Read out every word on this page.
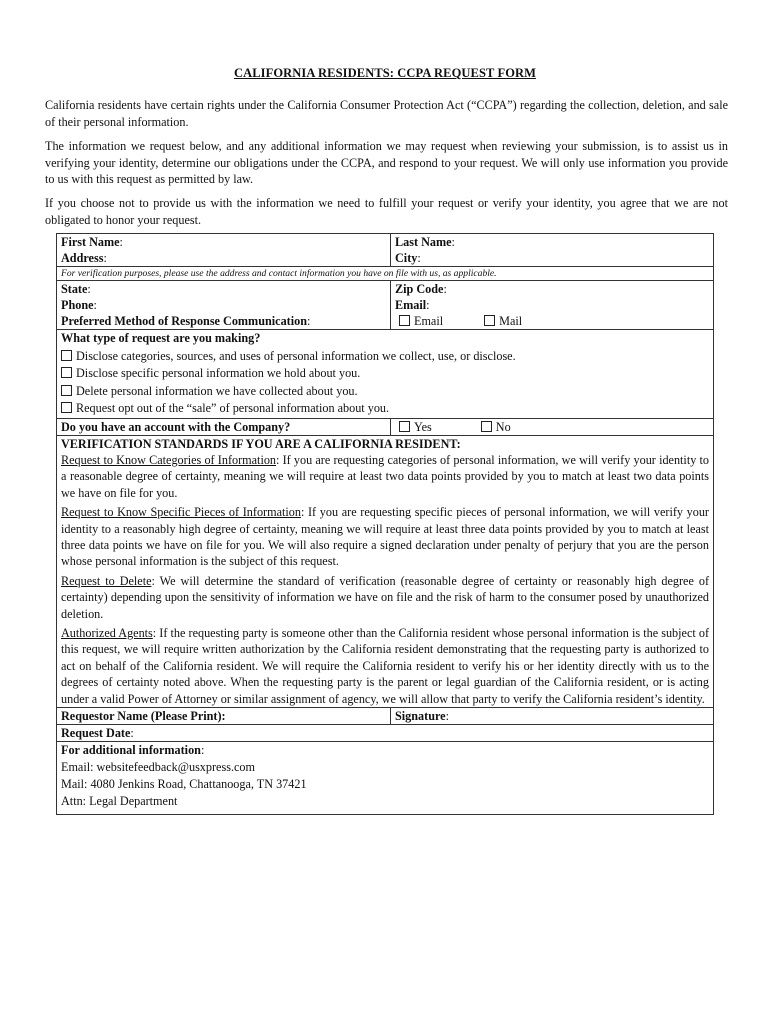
CALIFORNIA RESIDENTS: CCPA REQUEST FORM

California residents have certain rights under the California Consumer Protection Act (“CCPA”) regarding the collection, deletion, and sale of their personal information.

The information we request below, and any additional information we may request when reviewing your submission, is to assist us in verifying your identity, determine our obligations under the CCPA, and respond to your request. We will only use information you provide to us with this request as permitted by law.

If you choose not to provide us with the information we need to fulfill your request or verify your identity, you agree that we are not obligated to honor your request.

First Name:	Last Name:
Address:	City:
For verification purposes, please use the address and contact information you have on file with us, as applicable.
State:	Zip Code:
Phone:	Email:
Preferred Method of Response Communication:	Email	Mail
What type of request are you making?
Disclose categories, sources, and uses of personal information we collect, use, or disclose.
Disclose specific personal information we hold about you.
Delete personal information we have collected about you.
Request opt out of the “sale” of personal information about you.
Do you have an account with the Company?	Yes	No
VERIFICATION STANDARDS IF YOU ARE A CALIFORNIA RESIDENT:

Request to Know Categories of Information: If you are requesting categories of personal information, we will verify your identity to a reasonable degree of certainty, meaning we will require at least two data points provided by you to match at least two data points we have on file for you.

Request to Know Specific Pieces of Information: If you are requesting specific pieces of personal information, we will verify your identity to a reasonably high degree of certainty, meaning we will require at least three data points provided by you to match at least three data points we have on file for you. We will also require a signed declaration under penalty of perjury that you are the person whose personal information is the subject of this request.

Request to Delete: We will determine the standard of verification (reasonable degree of certainty or reasonably high degree of certainty) depending upon the sensitivity of information we have on file and the risk of harm to the consumer posed by unauthorized deletion.

Authorized Agents: If the requesting party is someone other than the California resident whose personal information is the subject of this request, we will require written authorization by the California resident demonstrating that the requesting party is authorized to act on behalf of the California resident. We will require the California resident to verify his or her identity directly with us to the degrees of certainty noted above. When the requesting party is the parent or legal guardian of the California resident, or is acting under a valid Power of Attorney or similar assignment of agency, we will allow that party to verify the California resident’s identity.

Requestor Name (Please Print):	Signature:
Request Date:
For additional information:
Email: websitefeedback@usxpress.com
Mail: 4080 Jenkins Road, Chattanooga, TN 37421
Attn: Legal Department
